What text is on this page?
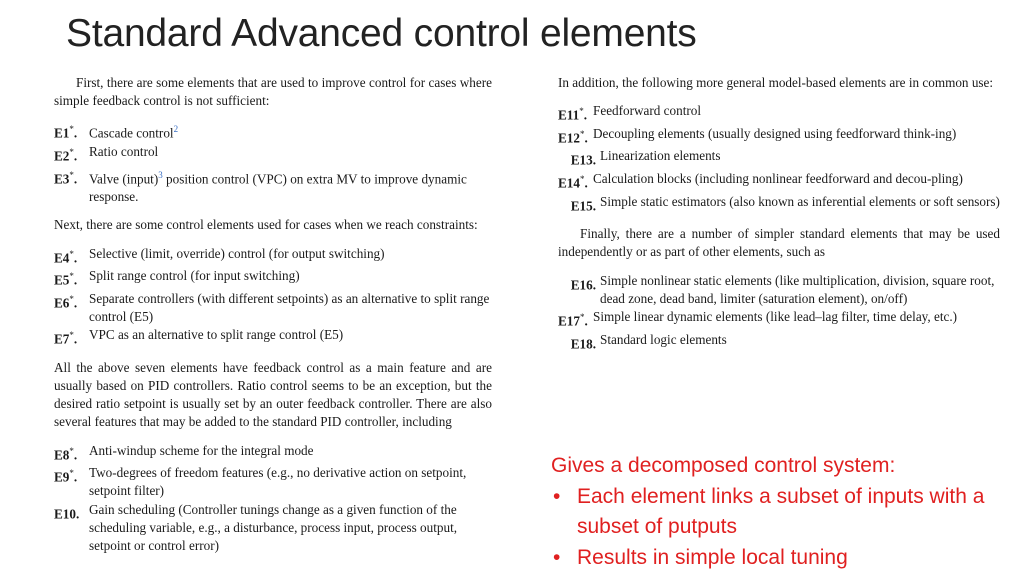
Standard Advanced control elements

First, there are some elements that are used to improve control for cases where simple feedback control is not sufficient:

E1*. Cascade control$^2$
E2*. Ratio control
E3*. Valve (input)$^3$ position control (VPC) on extra MV to improve dynamic response.

Next, there are some control elements used for cases when we reach constraints:

E4*. Selective (limit, override) control (for output switching)
E5*. Split range control (for input switching)
E6*. Separate controllers (with different setpoints) as an alternative to split range control (E5)
E7*. VPC as an alternative to split range control (E5)

All the above seven elements have feedback control as a main feature and are usually based on PID controllers. Ratio control seems to be an exception, but the desired ratio setpoint is usually set by an outer feedback controller. There are also several features that may be added to the standard PID controller, including

E8*. Anti-windup scheme for the integral mode
E9*. Two-degrees of freedom features (e.g., no derivative action on setpoint, setpoint filter)
E10. Gain scheduling (Controller tunings change as a given function of the scheduling variable, e.g., a disturbance, process input, process output, setpoint or control error)

In addition, the following more general model-based elements are in common use:

E11*. Feedforward control
E12*. Decoupling elements (usually designed using feedforward think-ing)
E13. Linearization elements
E14*. Calculation blocks (including nonlinear feedforward and decou-pling)
E15. Simple static estimators (also known as inferential elements or soft sensors)

Finally, there are a number of simpler standard elements that may be used independently or as part of other elements, such as

E16. Simple nonlinear static elements (like multiplication, division, square root, dead zone, dead band, limiter (saturation element), on/off)
E17*. Simple linear dynamic elements (like lead–lag filter, time delay, etc.)
E18. Standard logic elements
Gives a decomposed control system:
• Each element links a subset of inputs with a subset of putputs
• Results in simple local tuning
